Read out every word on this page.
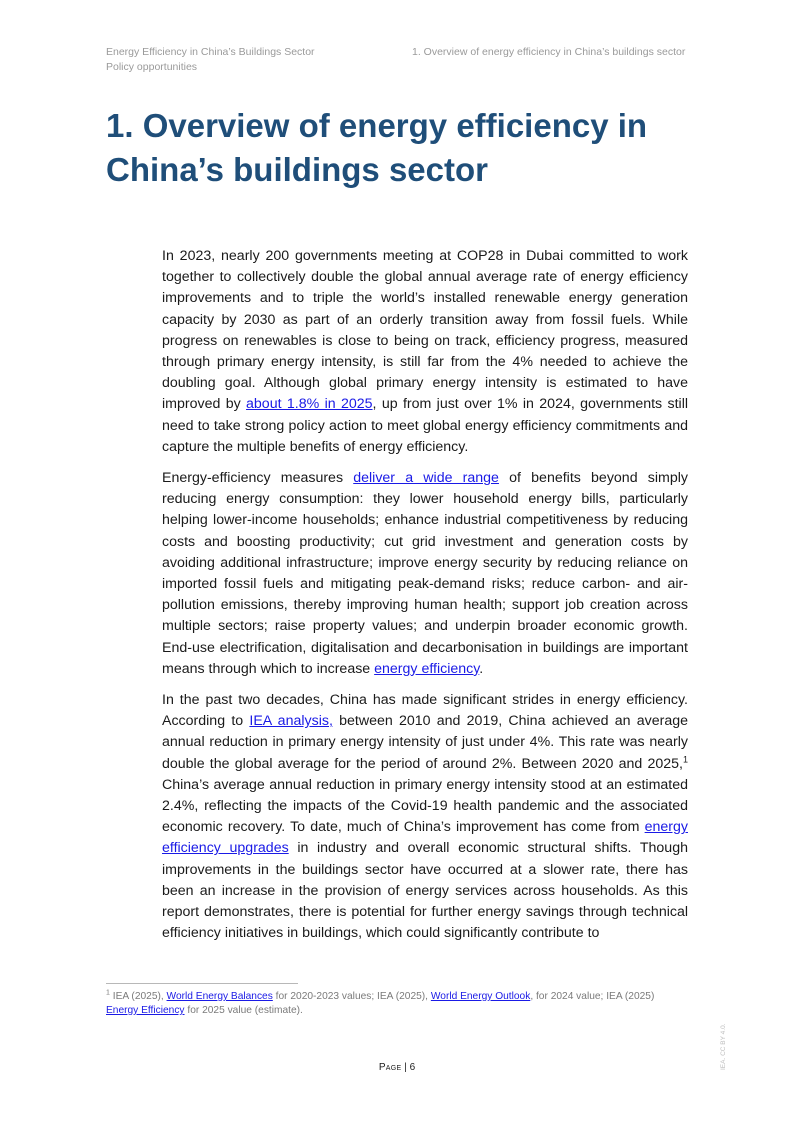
Energy Efficiency in China’s Buildings Sector
Policy opportunities
1. Overview of energy efficiency in China’s buildings sector
1. Overview of energy efficiency in China’s buildings sector

In 2023, nearly 200 governments meeting at COP28 in Dubai committed to work together to collectively double the global annual average rate of energy efficiency improvements and to triple the world’s installed renewable energy generation capacity by 2030 as part of an orderly transition away from fossil fuels. While progress on renewables is close to being on track, efficiency progress, measured through primary energy intensity, is still far from the 4% needed to achieve the doubling goal. Although global primary energy intensity is estimated to have improved by about 1.8% in 2025, up from just over 1% in 2024, governments still need to take strong policy action to meet global energy efficiency commitments and capture the multiple benefits of energy efficiency.

Energy-efficiency measures deliver a wide range of benefits beyond simply reducing energy consumption: they lower household energy bills, particularly helping lower-income households; enhance industrial competitiveness by reducing costs and boosting productivity; cut grid investment and generation costs by avoiding additional infrastructure; improve energy security by reducing reliance on imported fossil fuels and mitigating peak-demand risks; reduce carbon- and air-pollution emissions, thereby improving human health; support job creation across multiple sectors; raise property values; and underpin broader economic growth. End-use electrification, digitalisation and decarbonisation in buildings are important means through which to increase energy efficiency.

In the past two decades, China has made significant strides in energy efficiency. According to IEA analysis, between 2010 and 2019, China achieved an average annual reduction in primary energy intensity of just under 4%. This rate was nearly double the global average for the period of around 2%. Between 2020 and 2025,$^1$ China’s average annual reduction in primary energy intensity stood at an estimated 2.4%, reflecting the impacts of the Covid-19 health pandemic and the associated economic recovery. To date, much of China’s improvement has come from energy efficiency upgrades in industry and overall economic structural shifts. Though improvements in the buildings sector have occurred at a slower rate, there has been an increase in the provision of energy services across households. As this report demonstrates, there is potential for further energy savings through technical efficiency initiatives in buildings, which could significantly contribute to

$^1$ IEA (2025), World Energy Balances for 2020-2023 values; IEA (2025), World Energy Outlook, for 2024 value; IEA (2025) Energy Efficiency for 2025 value (estimate).
IEA. CC BY 4.0.
Page | 6
